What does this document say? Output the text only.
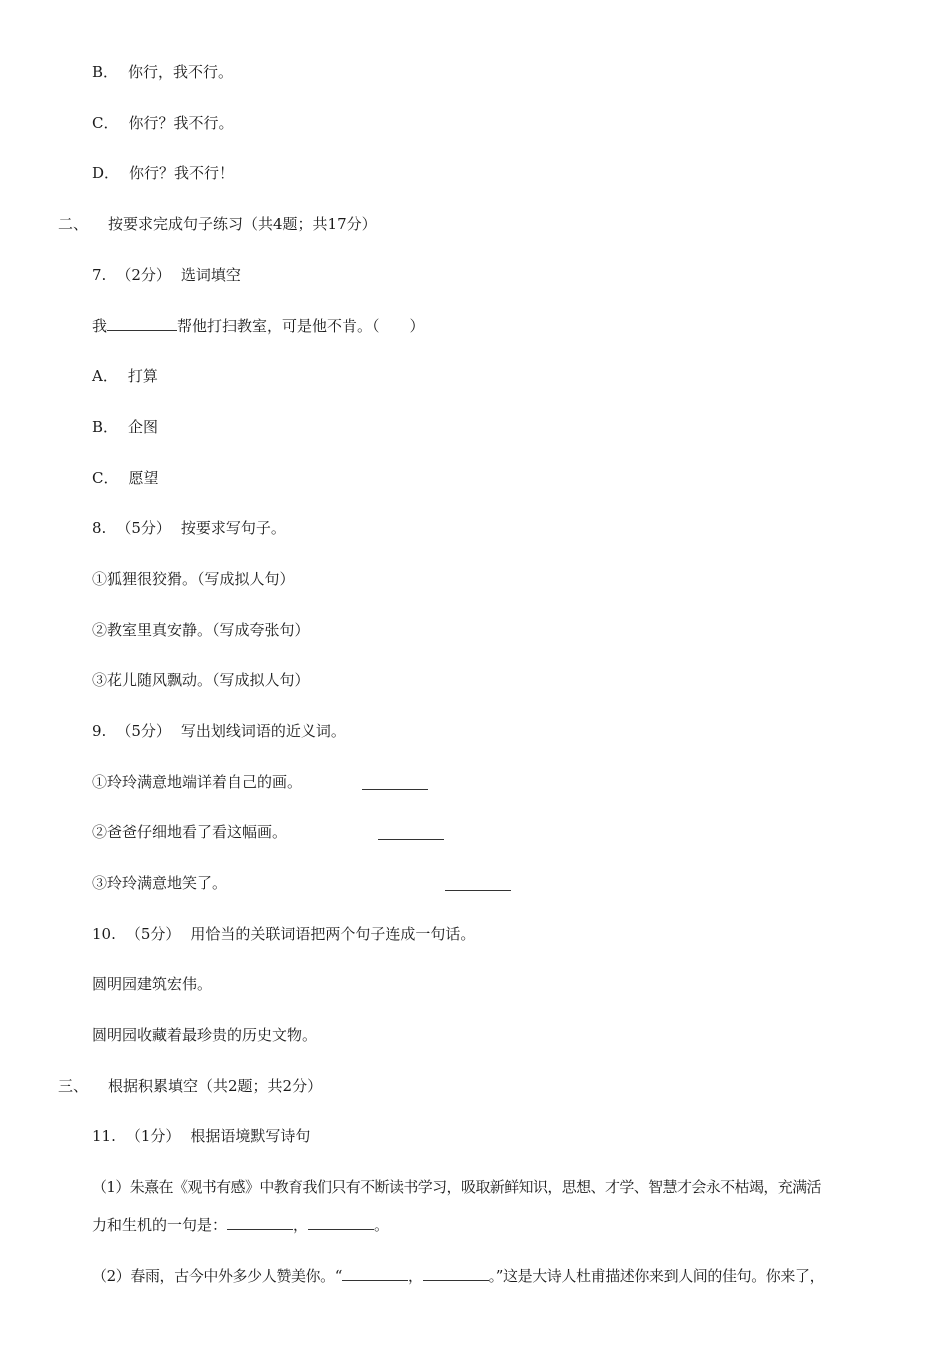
B． 你行，我不行。
C． 你行？我不行。
D． 你行？我不行！
二、 按要求完成句子练习（共4题；共17分）
7. （2分） 选词填空
我	帮他打扫教室，可是他不肯。（　　）
A． 打算
B． 企图
C． 愿望
8. （5分） 按要求写句子。
①狐狸很狡猾。（写成拟人句）
②教室里真安静。（写成夸张句）
③花儿随风飘动。（写成拟人句）
9. （5分） 写出划线词语的近义词。
①玲玲满意地端详着自己的画。
②爸爸仔细地看了看这幅画。
③玲玲满意地笑了。
10. （5分） 用恰当的关联词语把两个句子连成一句话。
圆明园建筑宏伟。
圆明园收藏着最珍贵的历史文物。
三、 根据积累填空（共2题；共2分）
11. （1分） 根据语境默写诗句
（1）朱熹在《观书有感》中教育我们只有不断读书学习，吸取新鲜知识，思想、才学、智慧才会永不枯竭，充满活
力和生机的一句是：	，	。
（2）春雨，古今中外多少人赞美你。“	，	。”这是大诗人杜甫描述你来到人间的佳句。你来了，
